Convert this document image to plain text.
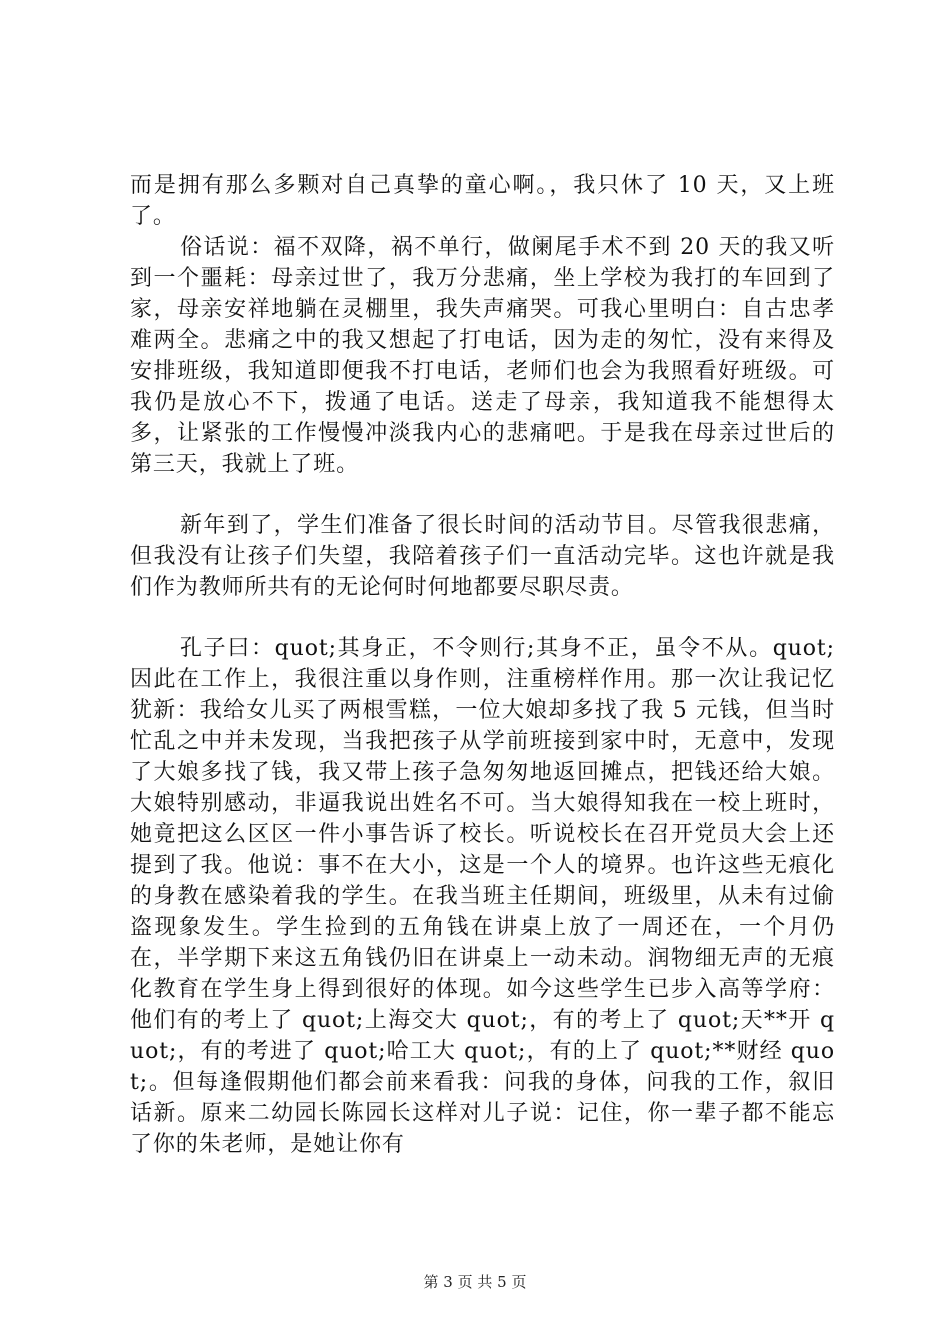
而是拥有那么多颗对自己真挚的童心啊。，我只休了 10 天，又上班了。

俗话说：福不双降，祸不单行，做阑尾手术不到 20 天的我又听到一个噩耗：母亲过世了，我万分悲痛，坐上学校为我打的车回到了家，母亲安祥地躺在灵棚里，我失声痛哭。可我心里明白：自古忠孝难两全。悲痛之中的我又想起了打电话，因为走的匆忙，没有来得及安排班级，我知道即便我不打电话，老师们也会为我照看好班级。可我仍是放心不下，拨通了电话。送走了母亲，我知道我不能想得太多，让紧张的工作慢慢冲淡我内心的悲痛吧。于是我在母亲过世后的第三天，我就上了班。

新年到了，学生们准备了很长时间的活动节目。尽管我很悲痛，但我没有让孩子们失望，我陪着孩子们一直活动完毕。这也许就是我们作为教师所共有的无论何时何地都要尽职尽责。

孔子曰：quot;其身正，不令则行;其身不正，虽令不从。quot;因此在工作上，我很注重以身作则，注重榜样作用。那一次让我记忆犹新：我给女儿买了两根雪糕，一位大娘却多找了我 5 元钱，但当时忙乱之中并未发现，当我把孩子从学前班接到家中时，无意中，发现了大娘多找了钱，我又带上孩子急匆匆地返回摊点，把钱还给大娘。大娘特别感动，非逼我说出姓名不可。当大娘得知我在一校上班时，她竟把这么区区一件小事告诉了校长。听说校长在召开党员大会上还提到了我。他说：事不在大小，这是一个人的境界。也许这些无痕化的身教在感染着我的学生。在我当班主任期间，班级里，从未有过偷盗现象发生。学生捡到的五角钱在讲桌上放了一周还在，一个月仍在，半学期下来这五角钱仍旧在讲桌上一动未动。润物细无声的无痕化教育在学生身上得到很好的体现。如今这些学生已步入高等学府：他们有的考上了 quot;上海交大 quot;，有的考上了 quot;天**开 quot;，有的考进了 quot;哈工大 quot;，有的上了 quot;**财经 quot;。但每逢假期他们都会前来看我：问我的身体，问我的工作，叙旧话新。原来二幼园长陈园长这样对儿子说：记住，你一辈子都不能忘了你的朱老师，是她让你有

第 3 页 共 5 页
